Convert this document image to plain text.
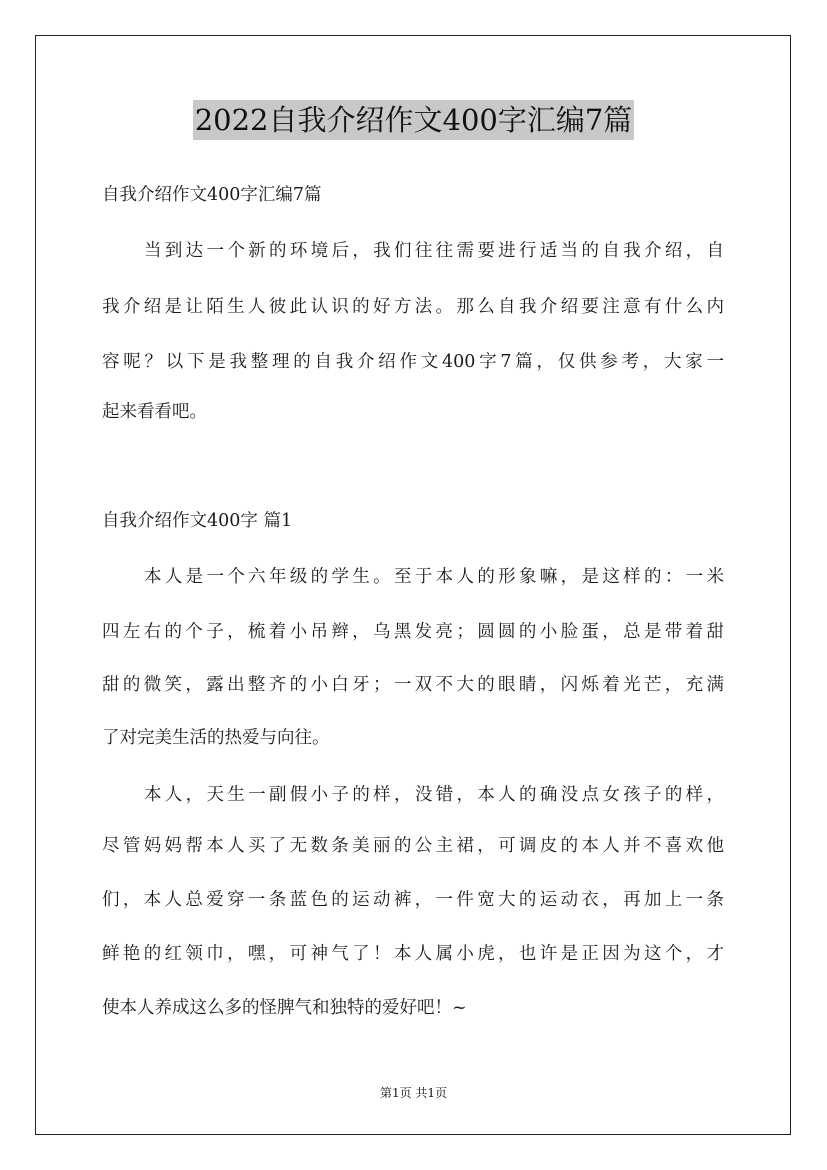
2022自我介绍作文400字汇编7篇
自我介绍作文400字汇编7篇
当到达一个新的环境后，我们往往需要进行适当的自我介绍，自
我介绍是让陌生人彼此认识的好方法。那么自我介绍要注意有什么内
容呢？以下是我整理的自我介绍作文400字7篇，仅供参考，大家一
起来看看吧。
自我介绍作文400字 篇1
本人是一个六年级的学生。至于本人的形象嘛，是这样的：一米
四左右的个子，梳着小吊辫，乌黑发亮；圆圆的小脸蛋，总是带着甜
甜的微笑，露出整齐的小白牙；一双不大的眼睛，闪烁着光芒，充满
了对完美生活的热爱与向往。
本人，天生一副假小子的样，没错，本人的确没点女孩子的样，
尽管妈妈帮本人买了无数条美丽的公主裙，可调皮的本人并不喜欢他
们，本人总爱穿一条蓝色的运动裤，一件宽大的运动衣，再加上一条
鲜艳的红领巾，嘿，可神气了！本人属小虎，也许是正因为这个，才
使本人养成这么多的怪脾气和独特的爱好吧！~
第1页 共1页
